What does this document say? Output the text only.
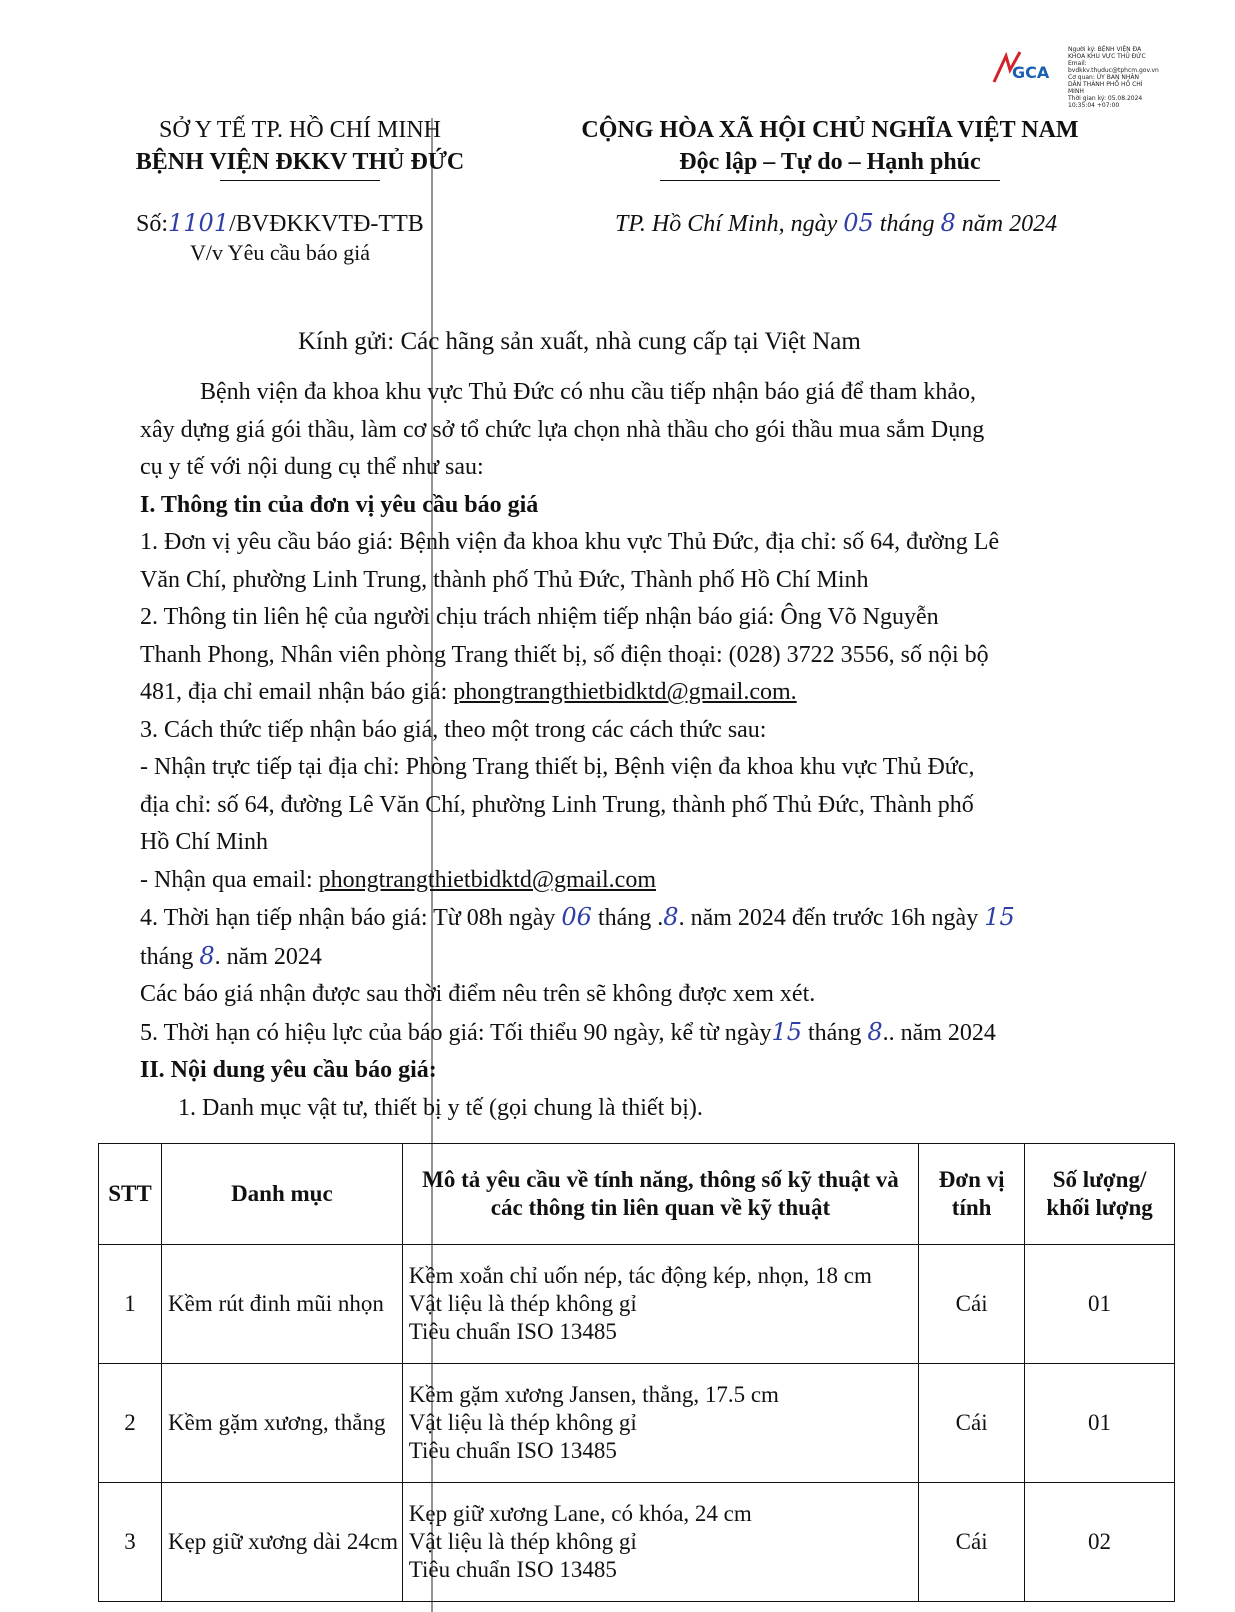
GCA
Người ký: BỆNH VIỆN ĐA
KHOA KHU VỰC THỦ ĐỨC
Email:
bvdkkv.thuduc@tphcm.gov.vn
Cơ quan: ỦY BAN NHÂN
DÂN THÀNH PHỐ HỒ CHÍ
MINH
Thời gian ký: 05.08.2024
10:35:04 +07:00
SỞ Y TẾ TP. HỒ CHÍ MINH
BỆNH VIỆN ĐKKV THỦ ĐỨC
CỘNG HÒA XÃ HỘI CHỦ NGHĨA VIỆT NAM
Độc lập – Tự do – Hạnh phúc
Số:1101/BVĐKKVTĐ-TTB
V/v Yêu cầu báo giá
TP. Hồ Chí Minh, ngày 05 tháng 8 năm 2024
Kính gửi: Các hãng sản xuất, nhà cung cấp tại Việt Nam
Bệnh viện đa khoa khu vực Thủ Đức có nhu cầu tiếp nhận báo giá để tham khảo,
xây dựng giá gói thầu, làm cơ sở tổ chức lựa chọn nhà thầu cho gói thầu mua sắm Dụng
cụ y tế với nội dung cụ thể như sau:
I. Thông tin của đơn vị yêu cầu báo giá
1. Đơn vị yêu cầu báo giá: Bệnh viện đa khoa khu vực Thủ Đức, địa chỉ: số 64, đường Lê
Văn Chí, phường Linh Trung, thành phố Thủ Đức, Thành phố Hồ Chí Minh
2. Thông tin liên hệ của người chịu trách nhiệm tiếp nhận báo giá: Ông Võ Nguyễn
Thanh Phong, Nhân viên phòng Trang thiết bị, số điện thoại: (028) 3722 3556, số nội bộ
481, địa chỉ email nhận báo giá: phongtrangthietbidktd@gmail.com.
3. Cách thức tiếp nhận báo giá, theo một trong các cách thức sau:
- Nhận trực tiếp tại địa chỉ: Phòng Trang thiết bị, Bệnh viện đa khoa khu vực Thủ Đức,
địa chỉ: số 64, đường Lê Văn Chí, phường Linh Trung, thành phố Thủ Đức, Thành phố
Hồ Chí Minh
- Nhận qua email: phongtrangthietbidktd@gmail.com
4. Thời hạn tiếp nhận báo giá: Từ 08h ngày 06 tháng .8. năm 2024 đến trước 16h ngày 15
tháng 8. năm 2024
Các báo giá nhận được sau thời điểm nêu trên sẽ không được xem xét.
5. Thời hạn có hiệu lực của báo giá: Tối thiểu 90 ngày, kể từ ngày15 tháng 8.. năm 2024
II. Nội dung yêu cầu báo giá:
1. Danh mục vật tư, thiết bị y tế (gọi chung là thiết bị).
STT	Danh mục	Mô tả yêu cầu về tính năng, thông số kỹ thuật và các thông tin liên quan về kỹ thuật	Đơn vị tính	Số lượng/ khối lượng
1	Kềm rút đinh mũi nhọn	Kềm xoắn chỉ uốn nép, tác động kép, nhọn, 18 cm
Vật liệu là thép không gỉ
Tiêu chuẩn ISO 13485	Cái	01
2	Kềm gặm xương, thẳng	Kềm gặm xương Jansen, thẳng, 17.5 cm
Vật liệu là thép không gỉ
Tiêu chuẩn ISO 13485	Cái	01
3	Kẹp giữ xương dài 24cm	Kẹp giữ xương Lane, có khóa, 24 cm
Vật liệu là thép không gỉ
Tiêu chuẩn ISO 13485	Cái	02
